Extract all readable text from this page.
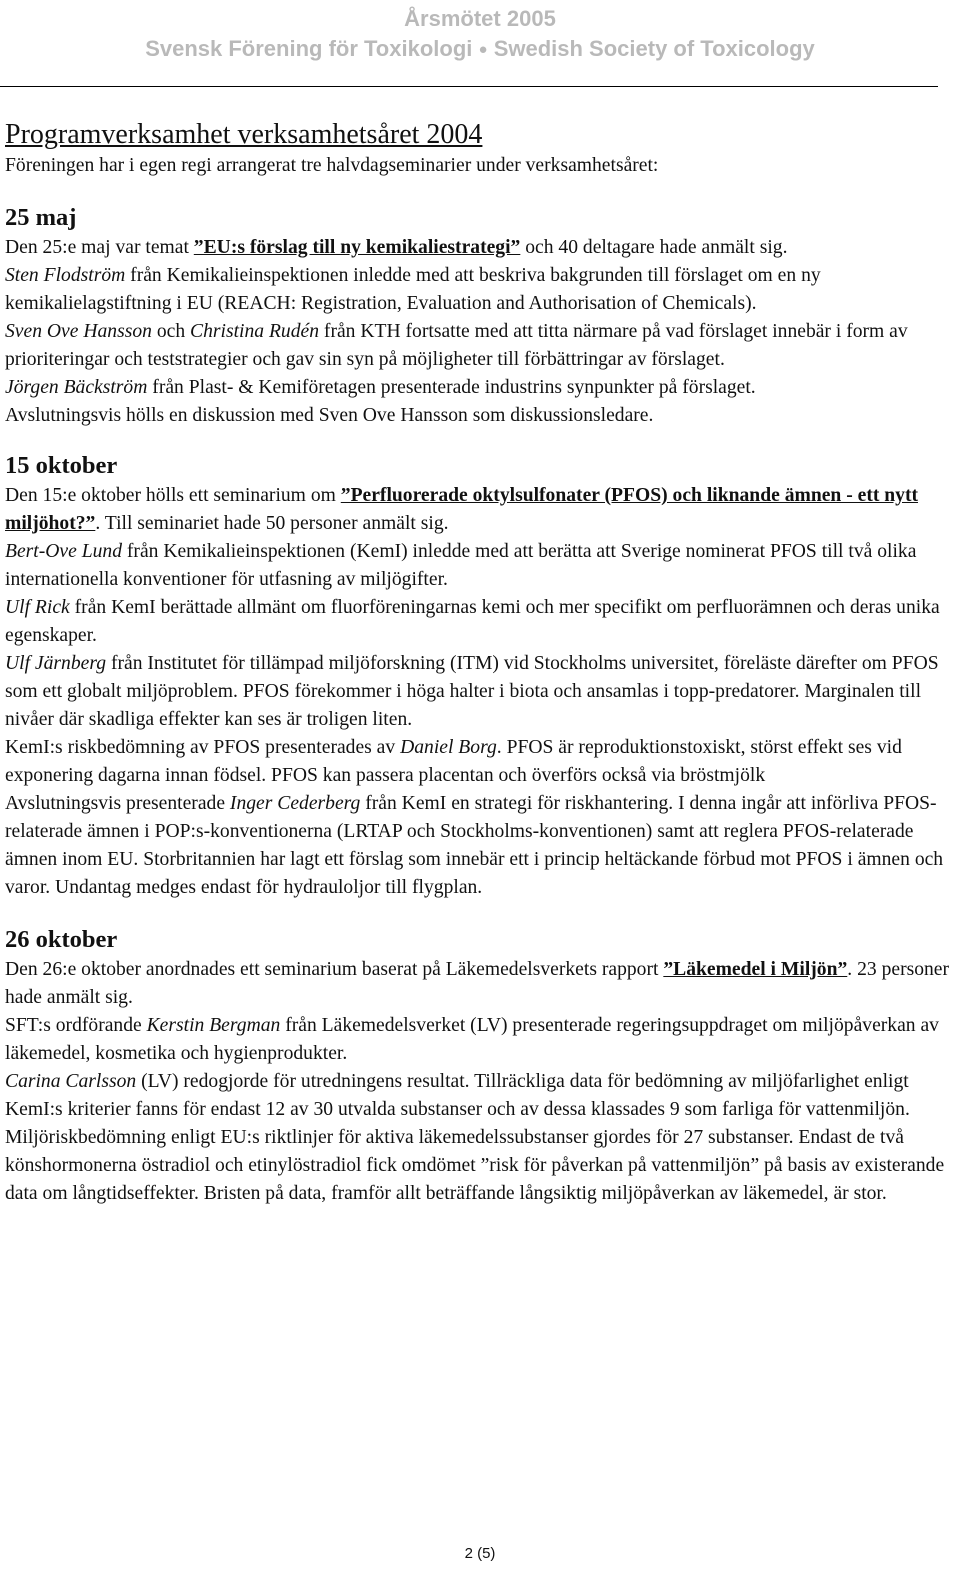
Årsmötet 2005
Svensk Förening för Toxikologi ● Swedish Society of Toxicology
Programverksamhet verksamhetsåret 2004

Föreningen har i egen regi arrangerat tre halvdagseminarier under verksamhetsåret:

25 maj

Den 25:e maj var temat ”EU:s förslag till ny kemikaliestrategi” och 40 deltagare hade anmält sig.

Sten Flodström från Kemikalieinspektionen inledde med att beskriva bakgrunden till förslaget om en ny kemikalielagstiftning i EU (REACH: Registration, Evaluation and Authorisation of Chemicals).

Sven Ove Hansson och Christina Rudén från KTH fortsatte med att titta närmare på vad förslaget innebär i form av prioriteringar och teststrategier och gav sin syn på möjligheter till förbättringar av förslaget.

Jörgen Bäckström från Plast- & Kemiföretagen presenterade industrins synpunkter på förslaget.

Avslutningsvis hölls en diskussion med Sven Ove Hansson som diskussionsledare.

15 oktober

Den 15:e oktober hölls ett seminarium om ”Perfluorerade oktylsulfonater (PFOS) och liknande ämnen - ett nytt miljöhot?”. Till seminariet hade 50 personer anmält sig.

Bert-Ove Lund från Kemikalieinspektionen (KemI) inledde med att berätta att Sverige nominerat PFOS till två olika internationella konventioner för utfasning av miljögifter.

Ulf Rick från KemI berättade allmänt om fluorföreningarnas kemi och mer specifikt om perfluorämnen och deras unika egenskaper.

Ulf Järnberg från Institutet för tillämpad miljöforskning (ITM) vid Stockholms universitet, föreläste därefter om PFOS som ett globalt miljöproblem. PFOS förekommer i höga halter i biota och ansamlas i topp-predatorer. Marginalen till nivåer där skadliga effekter kan ses är troligen liten.

KemI:s riskbedömning av PFOS presenterades av Daniel Borg. PFOS är reproduktionstoxiskt, störst effekt ses vid exponering dagarna innan födsel. PFOS kan passera placentan och överförs också via bröstmjölk

Avslutningsvis presenterade Inger Cederberg från KemI en strategi för riskhantering. I denna ingår att införliva PFOS-relaterade ämnen i POP:s-konventionerna (LRTAP och Stockholms-konventionen) samt att reglera PFOS-relaterade ämnen inom EU. Storbritannien har lagt ett förslag som innebär ett i princip heltäckande förbud mot PFOS i ämnen och varor. Undantag medges endast för hydrauloljor till flygplan.

26 oktober

Den 26:e oktober anordnades ett seminarium baserat på Läkemedelsverkets rapport ”Läkemedel i Miljön”. 23 personer hade anmält sig.

SFT:s ordförande Kerstin Bergman från Läkemedelsverket (LV) presenterade regeringsuppdraget om miljöpåverkan av läkemedel, kosmetika och hygienprodukter.

Carina Carlsson (LV) redogjorde för utredningens resultat. Tillräckliga data för bedömning av miljöfarlighet enligt KemI:s kriterier fanns för endast 12 av 30 utvalda substanser och av dessa klassades 9 som farliga för vattenmiljön. Miljöriskbedömning enligt EU:s riktlinjer för aktiva läkemedelssubstanser gjordes för 27 substanser. Endast de två könshormonerna östradiol och etinylöstradiol fick omdömet ”risk för påverkan på vattenmiljön” på basis av existerande data om långtidseffekter. Bristen på data, framför allt beträffande långsiktig miljöpåverkan av läkemedel, är stor.

2 (5)
